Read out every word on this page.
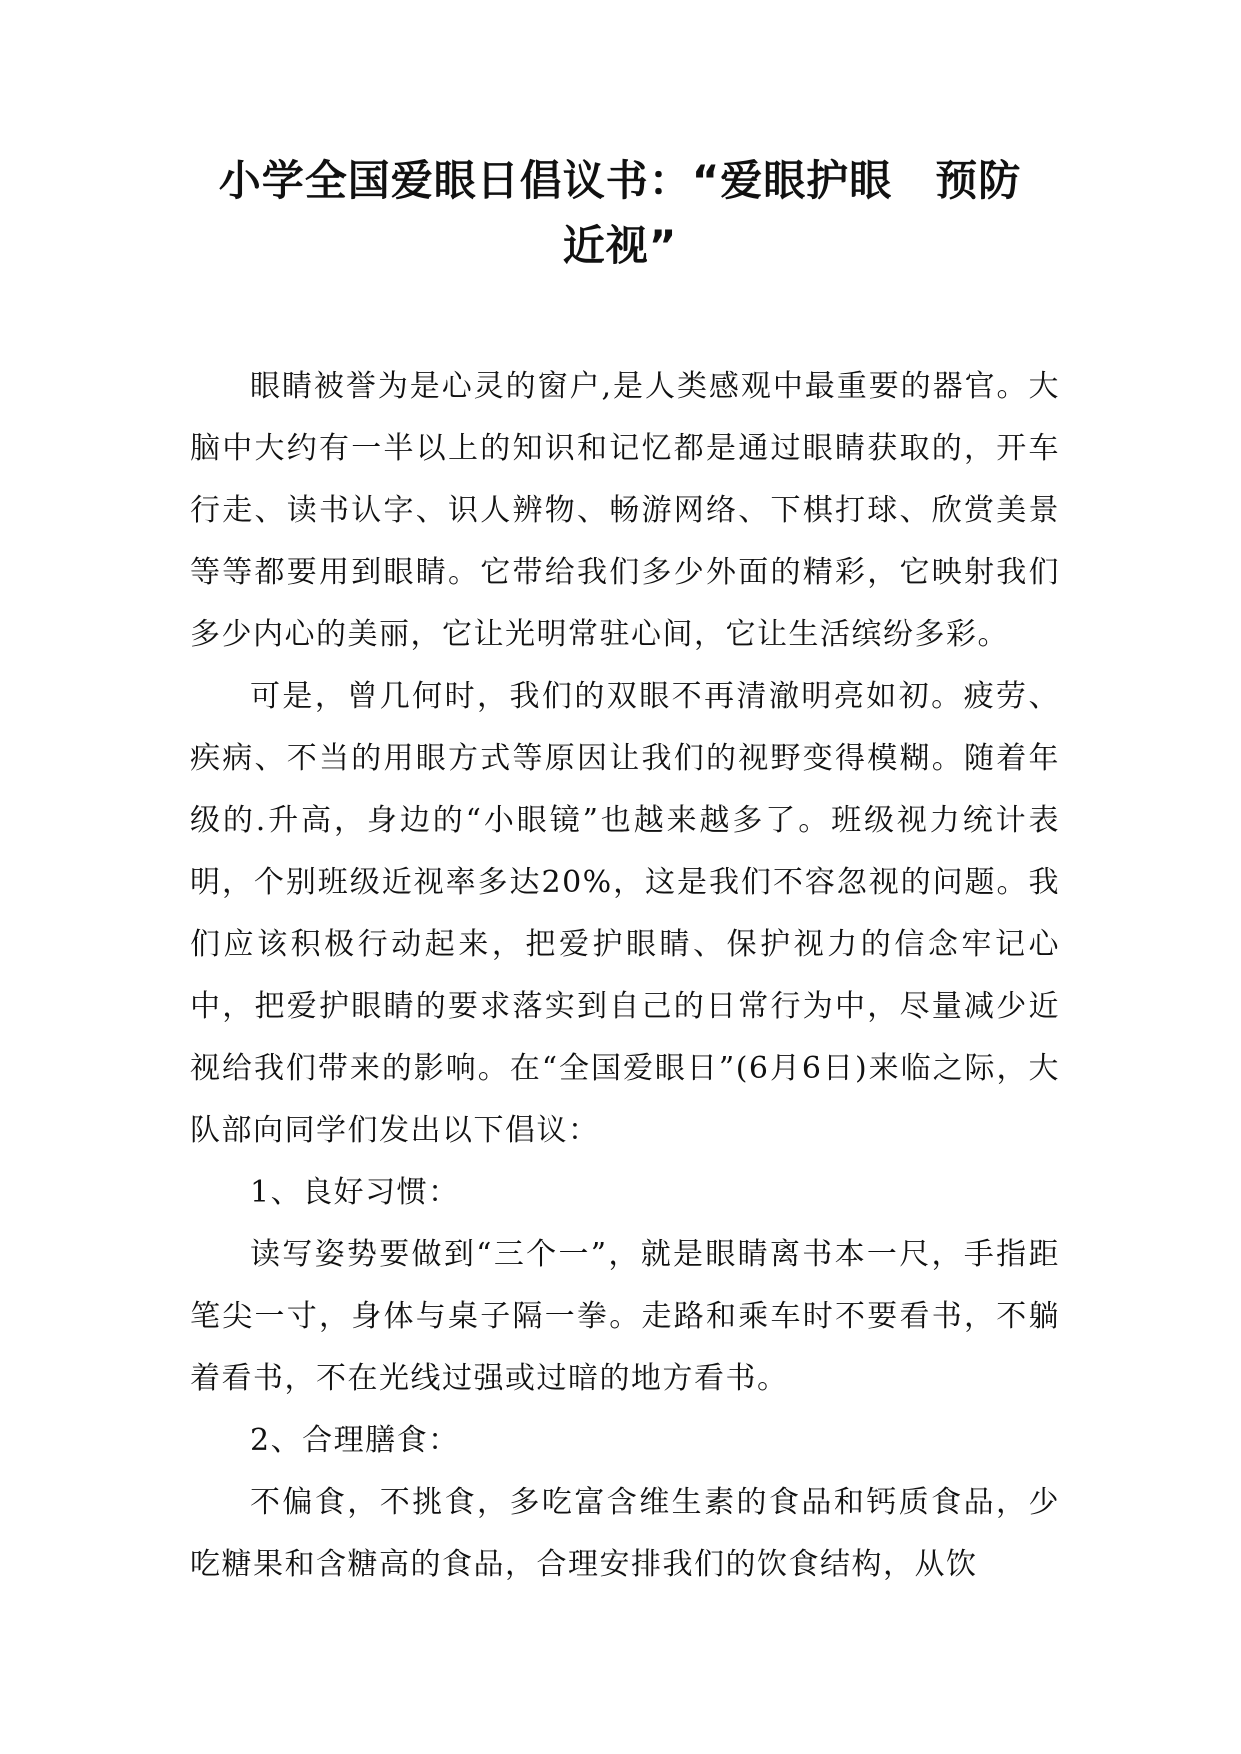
小学全国爱眼日倡议书：“爱眼护眼　预防
近视”

眼睛被誉为是心灵的窗户,是人类感观中最重要的器官。大脑中大约有一半以上的知识和记忆都是通过眼睛获取的，开车行走、读书认字、识人辨物、畅游网络、下棋打球、欣赏美景等等都要用到眼睛。它带给我们多少外面的精彩，它映射我们多少内心的美丽，它让光明常驻心间，它让生活缤纷多彩。

可是，曾几何时，我们的双眼不再清澈明亮如初。疲劳、疾病、不当的用眼方式等原因让我们的视野变得模糊。随着年级的.升高，身边的“小眼镜”也越来越多了。班级视力统计表明，个别班级近视率多达20%，这是我们不容忽视的问题。我们应该积极行动起来，把爱护眼睛、保护视力的信念牢记心中，把爱护眼睛的要求落实到自己的日常行为中，尽量减少近视给我们带来的影响。在“全国爱眼日”(6月6日)来临之际，大队部向同学们发出以下倡议：

1、良好习惯：

读写姿势要做到“三个一”，就是眼睛离书本一尺，手指距笔尖一寸，身体与桌子隔一拳。走路和乘车时不要看书，不躺着看书，不在光线过强或过暗的地方看书。

2、合理膳食：

不偏食，不挑食，多吃富含维生素的食品和钙质食品，少吃糖果和含糖高的食品，合理安排我们的饮食结构，从饮
